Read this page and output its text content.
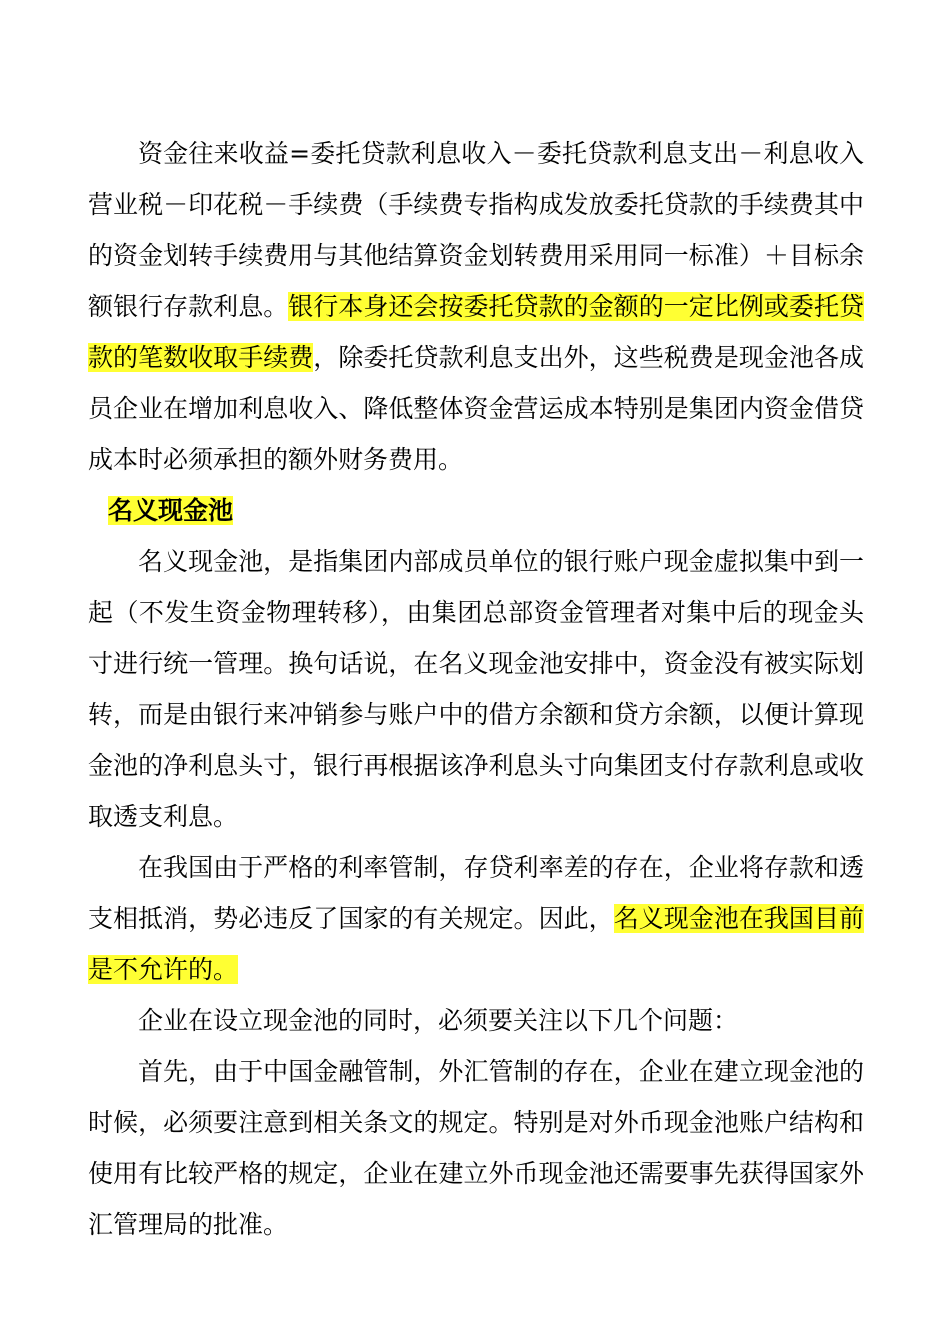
资金往来收益=委托贷款利息收入－委托贷款利息支出－利息收入营业税－印花税－手续费（手续费专指构成发放委托贷款的手续费其中的资金划转手续费用与其他结算资金划转费用采用同一标准）＋目标余额银行存款利息。银行本身还会按委托贷款的金额的一定比例或委托贷款的笔数收取手续费，除委托贷款利息支出外，这些税费是现金池各成员企业在增加利息收入、降低整体资金营运成本特别是集团内资金借贷成本时必须承担的额外财务费用。

名义现金池

名义现金池，是指集团内部成员单位的银行账户现金虚拟集中到一起（不发生资金物理转移），由集团总部资金管理者对集中后的现金头寸进行统一管理。换句话说，在名义现金池安排中，资金没有被实际划转，而是由银行来冲销参与账户中的借方余额和贷方余额，以便计算现金池的净利息头寸，银行再根据该净利息头寸向集团支付存款利息或收取透支利息。

在我国由于严格的利率管制，存贷利率差的存在，企业将存款和透支相抵消，势必违反了国家的有关规定。因此，名义现金池在我国目前是不允许的。

企业在设立现金池的同时，必须要关注以下几个问题：

首先，由于中国金融管制，外汇管制的存在，企业在建立现金池的时候，必须要注意到相关条文的规定。特别是对外币现金池账户结构和使用有比较严格的规定，企业在建立外币现金池还需要事先获得国家外汇管理局的批准。
